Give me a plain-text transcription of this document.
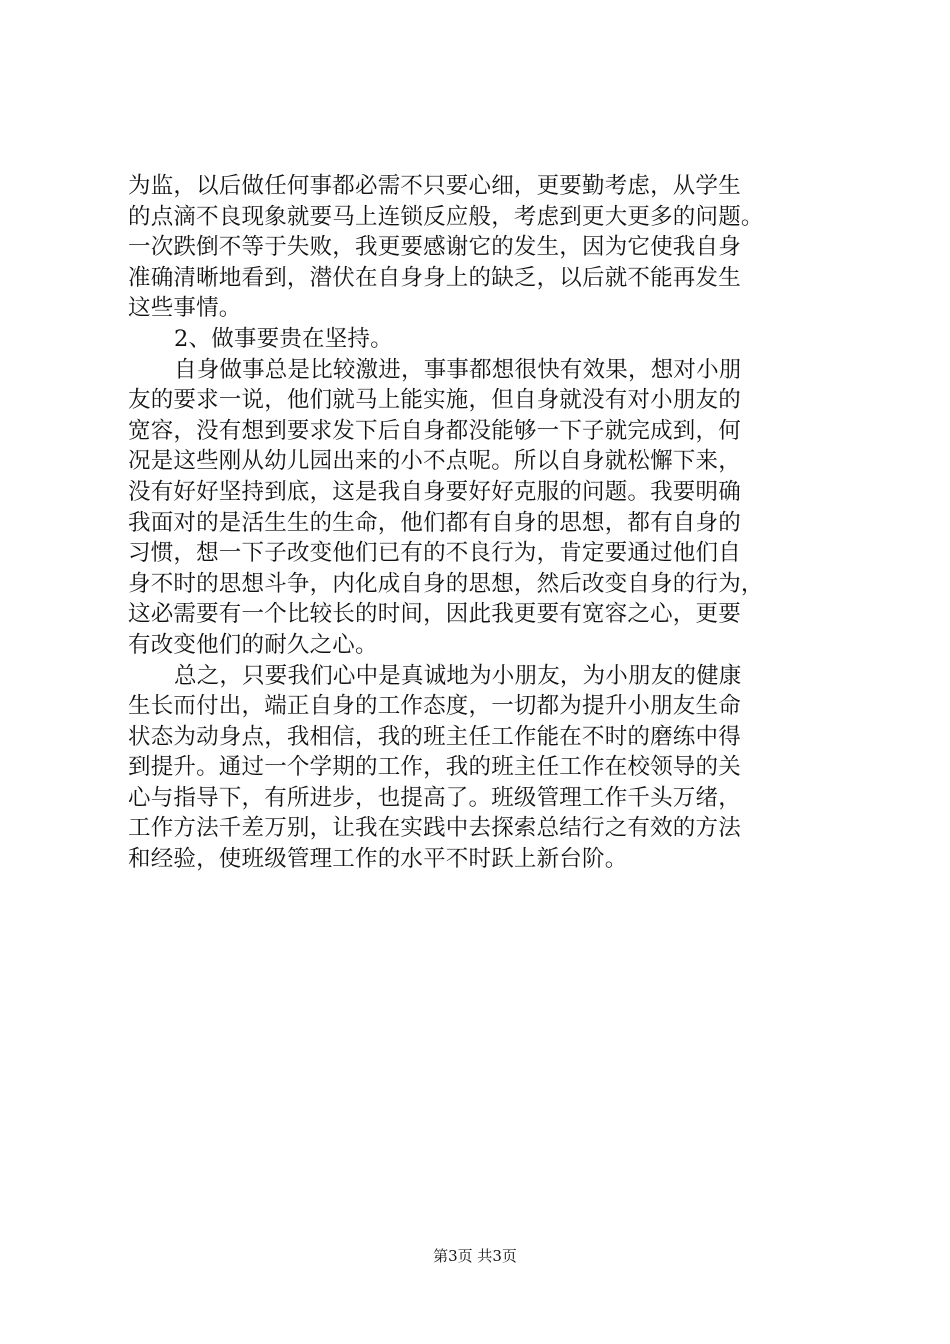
为监，以后做任何事都必需不只要心细，更要勤考虑，从学生
的点滴不良现象就要马上连锁反应般，考虑到更大更多的问题。
一次跌倒不等于失败，我更要感谢它的发生，因为它使我自身
准确清晰地看到，潜伏在自身身上的缺乏，以后就不能再发生
这些事情。
2、做事要贵在坚持。
自身做事总是比较激进，事事都想很快有效果，想对小朋
友的要求一说，他们就马上能实施，但自身就没有对小朋友的
宽容，没有想到要求发下后自身都没能够一下子就完成到，何
况是这些刚从幼儿园出来的小不点呢。所以自身就松懈下来，
没有好好坚持到底，这是我自身要好好克服的问题。我要明确
我面对的是活生生的生命，他们都有自身的思想，都有自身的
习惯，想一下子改变他们已有的不良行为，肯定要通过他们自
身不时的思想斗争，内化成自身的思想，然后改变自身的行为，
这必需要有一个比较长的时间，因此我更要有宽容之心，更要
有改变他们的耐久之心。
总之，只要我们心中是真诚地为小朋友，为小朋友的健康
生长而付出，端正自身的工作态度，一切都为提升小朋友生命
状态为动身点，我相信，我的班主任工作能在不时的磨练中得
到提升。通过一个学期的工作，我的班主任工作在校领导的关
心与指导下，有所进步，也提高了。班级管理工作千头万绪，
工作方法千差万别，让我在实践中去探索总结行之有效的方法
和经验，使班级管理工作的水平不时跃上新台阶。
第3页 共3页
